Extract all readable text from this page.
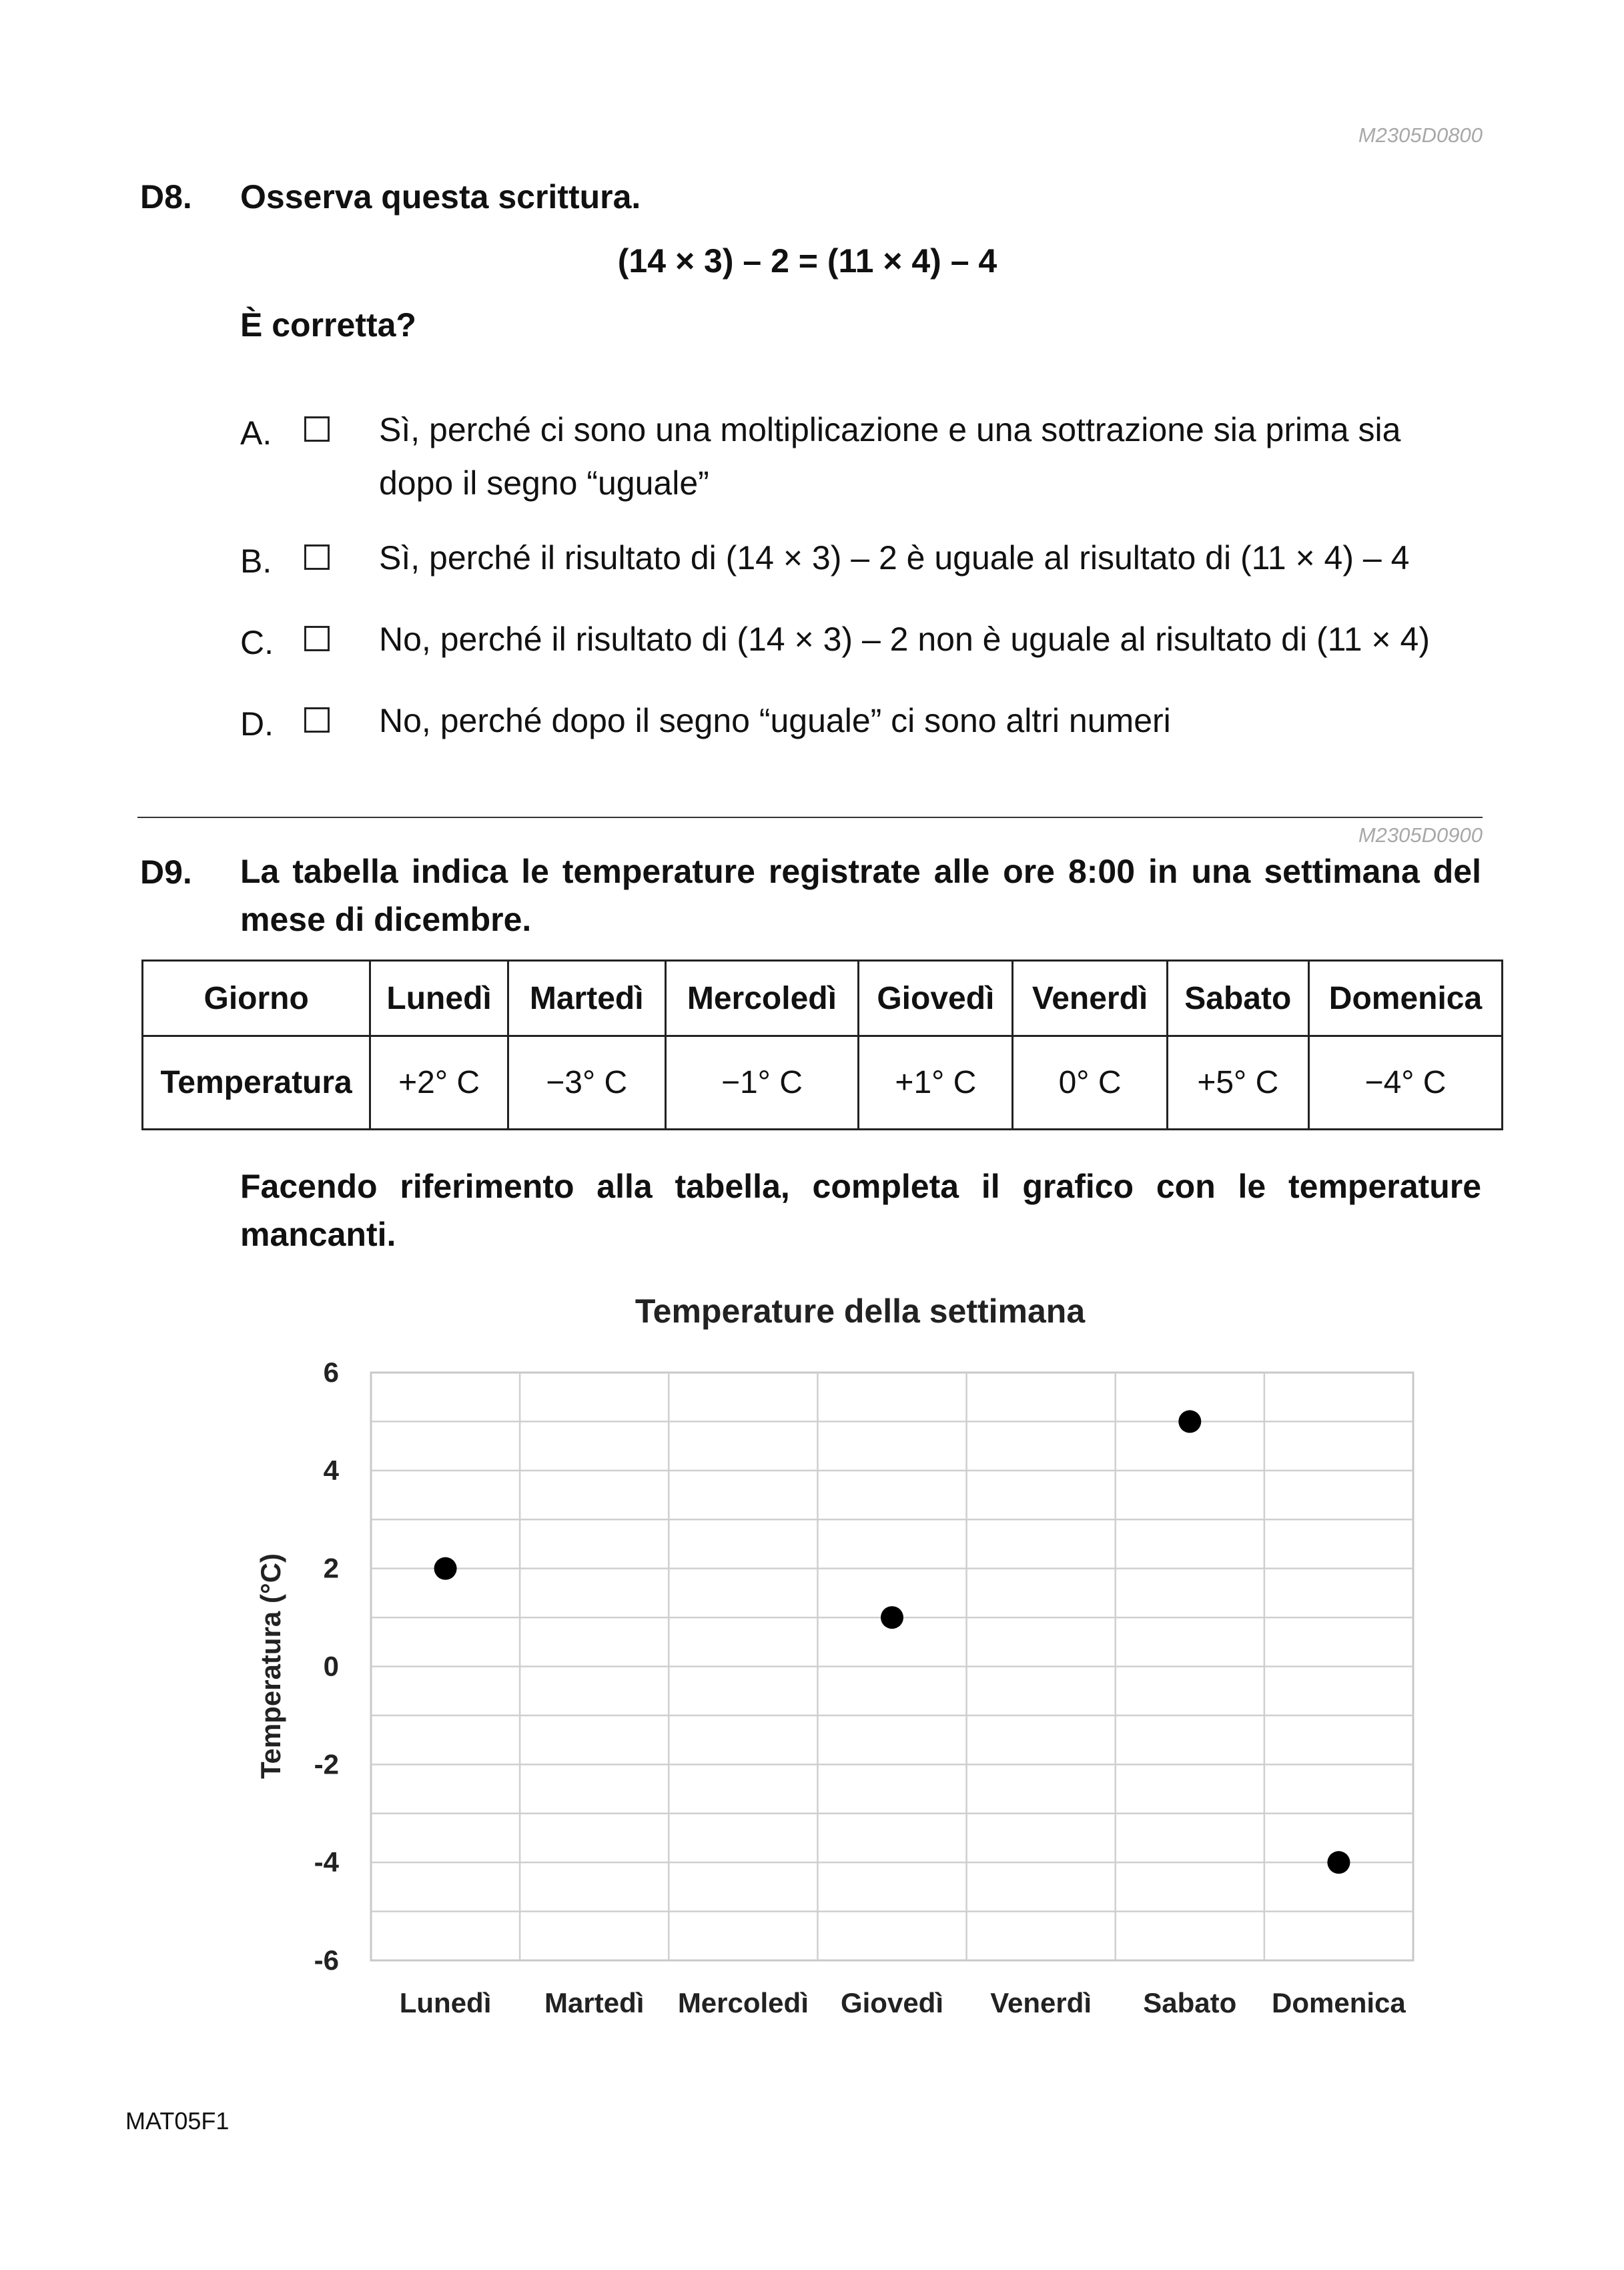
M2305D0800
D8. Osserva questa scrittura.
(14 × 3) – 2 = (11 × 4) – 4
È corretta?
A.	Sì, perché ci sono una moltiplicazione e una sottrazione sia prima sia
dopo il segno “uguale”
B.	Sì, perché il risultato di (14 × 3) – 2 è uguale al risultato di (11 × 4) – 4
C.	No, perché il risultato di (14 × 3) – 2 non è uguale al risultato di (11 × 4)
D.	No, perché dopo il segno “uguale” ci sono altri numeri
M2305D0900
D9. La tabella indica le temperature registrate alle ore 8:00 in una settimana del mese di dicembre.
Giorno	Lunedì	Martedì	Mercoledì	Giovedì	Venerdì	Sabato	Domenica
Temperatura	+2° C	−3° C	−1° C	+1° C	0° C	+5° C	−4° C
Facendo riferimento alla tabella, completa il grafico con le temperature mancanti.
Temperature della settimana
Temperatura (°C)
6
4
2
0
-2
-4
-6
Lunedì Martedì Mercoledì Giovedì Venerdì Sabato Domenica
MAT05F1
